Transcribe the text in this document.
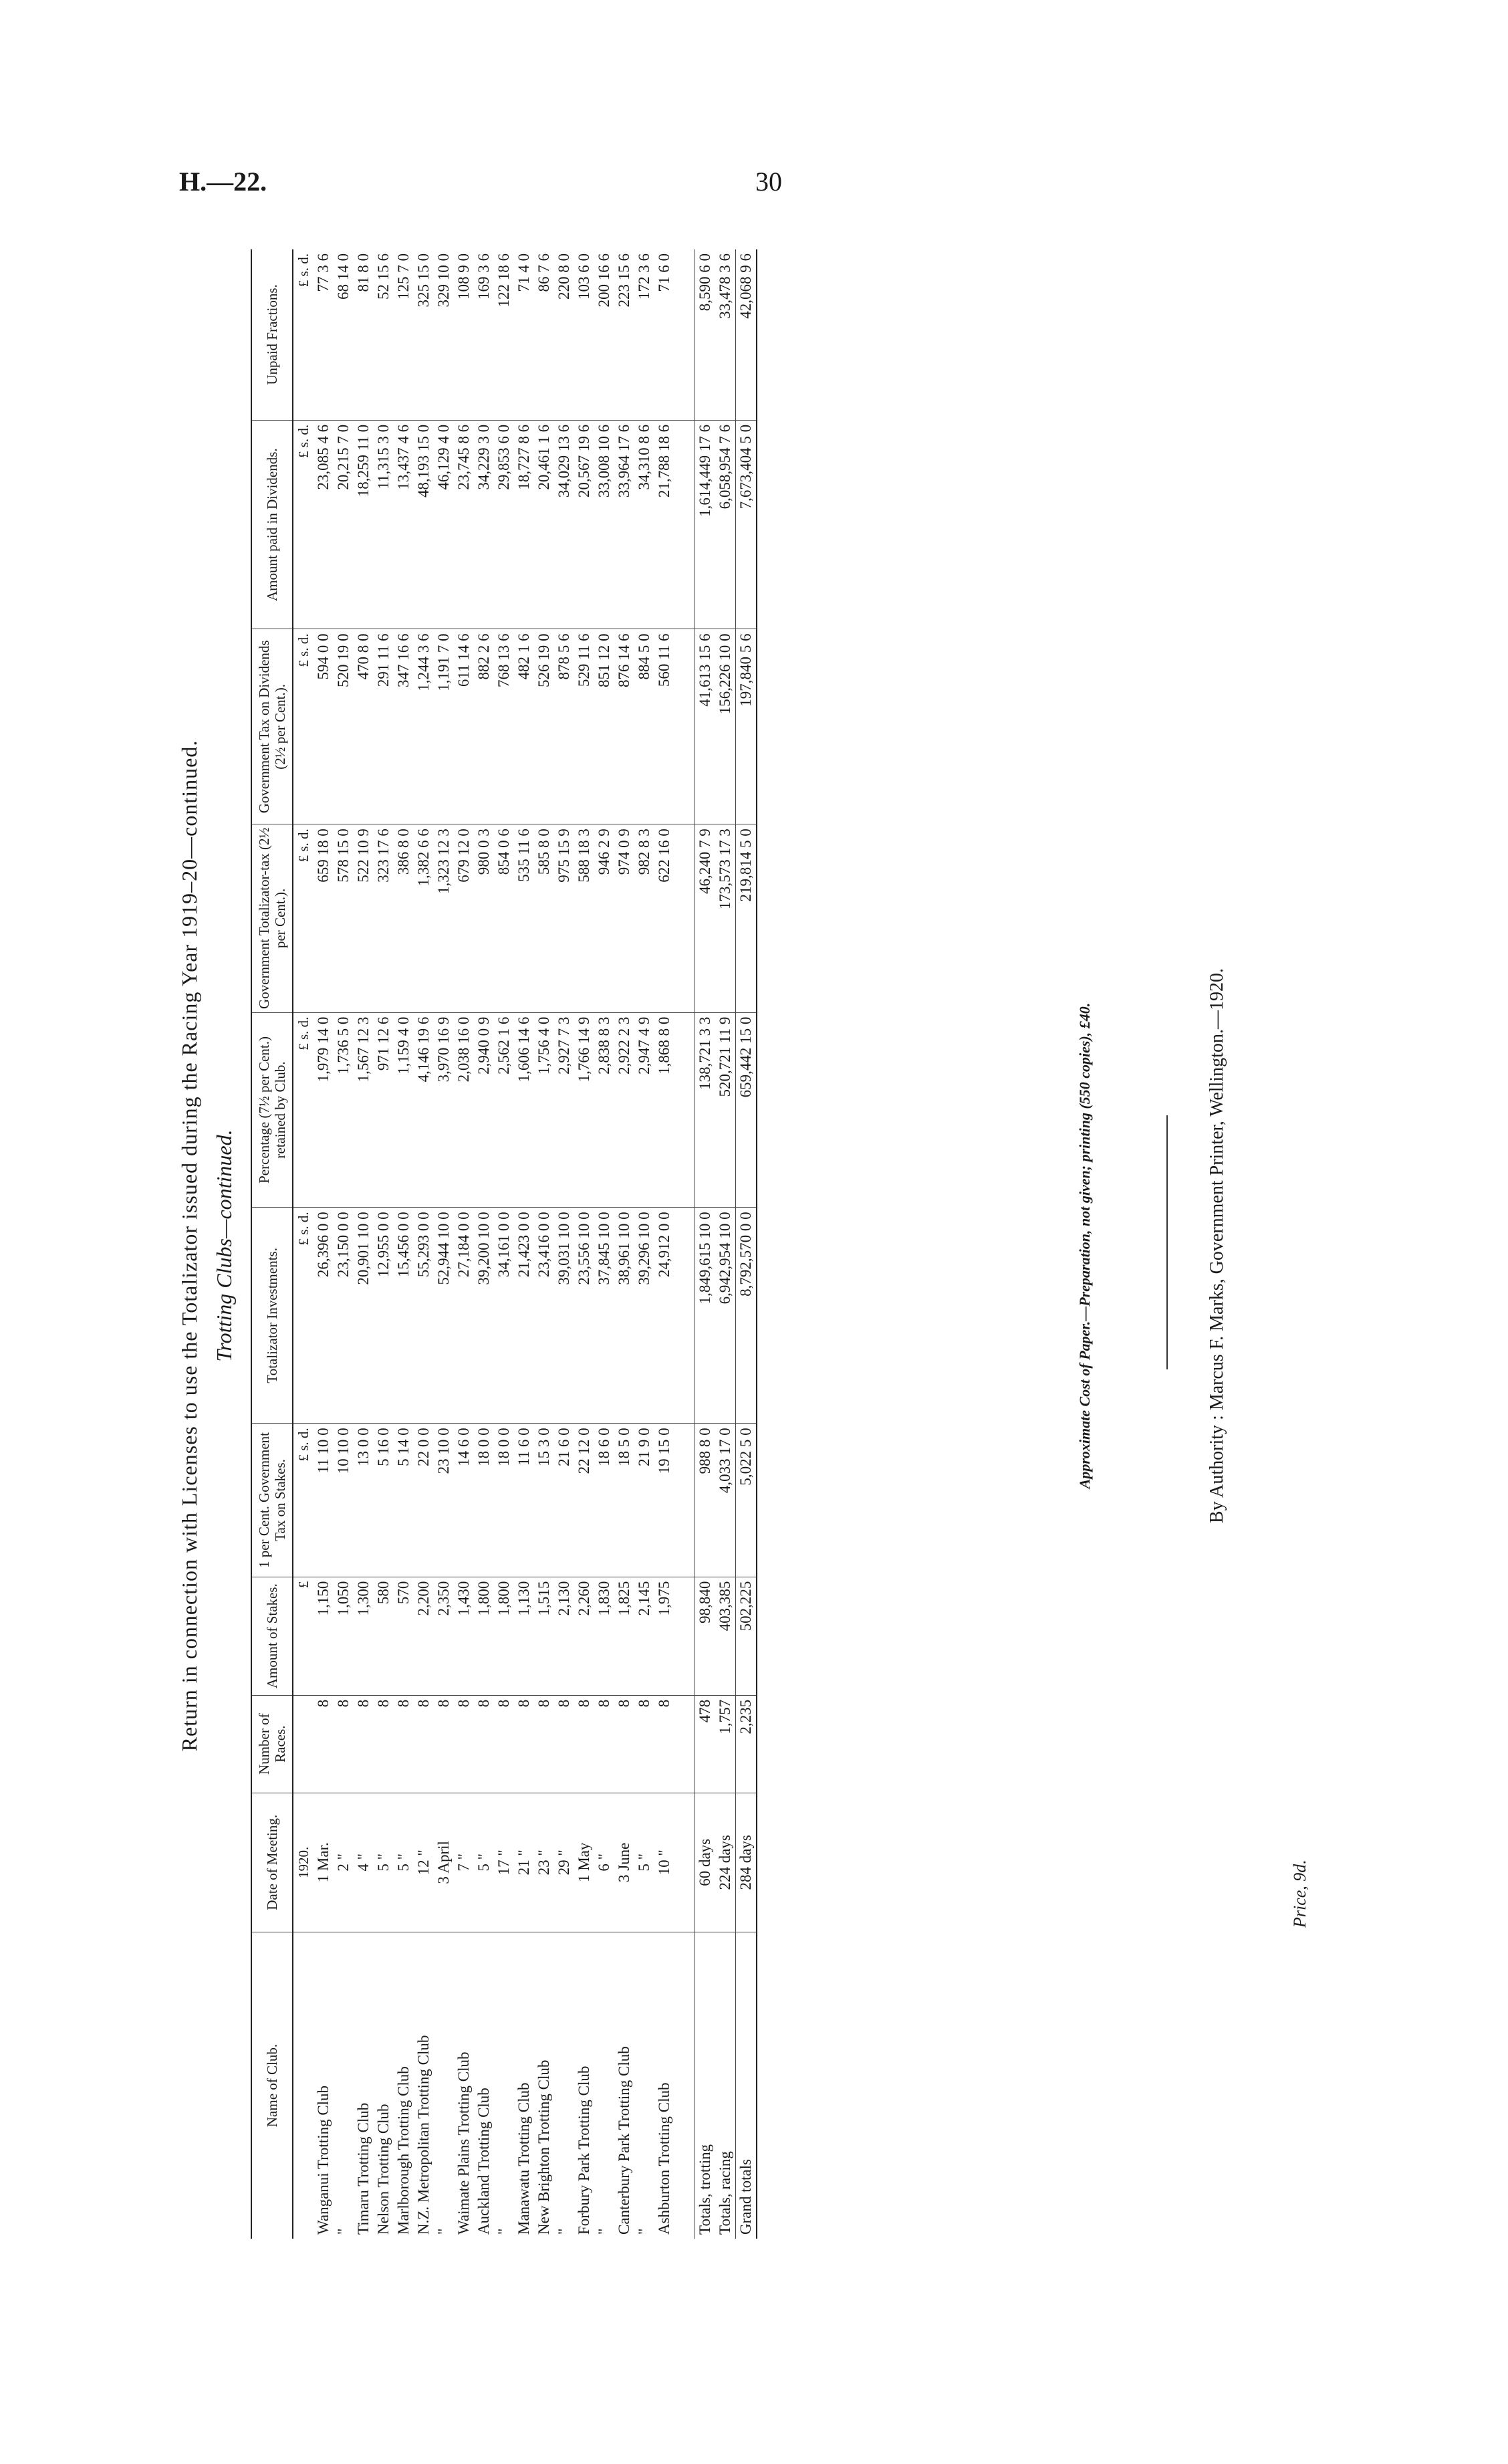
H.—22.	30
Return in connection with Licenses to use the Totalizator issued during the Racing Year 1919–20—continued. Trotting Clubs—continued.
Name of Club.	Date of Meeting.	Number of Races.	Amount of Stakes.	1 per Cent. Government Tax on Stakes.	Totalizator Investments.	Percentage (7½ per Cent.) retained by Club.	Government Totalizator-tax (2½ per Cent.).	Government Tax on Dividends (2½ per Cent.).	Amount paid in Dividends.	Unpaid Fractions.
	1920.		£	£ s. d.	£ s. d.	£ s. d.	£ s. d.	£ s. d.	£ s. d.	£ s. d.
Wanganui Trotting Club	1 Mar.	8	1,150	11 10 0	26,396 0 0	1,979 14 0	659 18 0	594 0 0	23,085 4 6	77 3 6
"	2 "	8	1,050	10 10 0	23,150 0 0	1,736 5 0	578 15 0	520 19 0	20,215 7 0	68 14 0
Timaru Trotting Club	4 "	8	1,300	13 0 0	20,901 10 0	1,567 12 3	522 10 9	470 8 0	18,259 11 0	81 8 0
Nelson Trotting Club	5 "	8	580	5 16 0	12,955 0 0	971 12 6	323 17 6	291 11 6	11,315 3 0	52 15 6
Marlborough Trotting Club	5 "	8	570	5 14 0	15,456 0 0	1,159 4 0	386 8 0	347 16 6	13,437 4 6	125 7 0
N.Z. Metropolitan Trotting Club	12 "	8	2,200	22 0 0	55,293 0 0	4,146 19 6	1,382 6 6	1,244 3 6	48,193 15 0	325 15 0
"	3 April	8	2,350	23 10 0	52,944 10 0	3,970 16 9	1,323 12 3	1,191 7 0	46,129 4 0	329 10 0
Waimate Plains Trotting Club	7 "	8	1,430	14 6 0	27,184 0 0	2,038 16 0	679 12 0	611 14 6	23,745 8 6	108 9 0
Auckland Trotting Club	5 "	8	1,800	18 0 0	39,200 10 0	2,940 0 9	980 0 3	882 2 6	34,229 3 0	169 3 6
"	17 "	8	1,800	18 0 0	34,161 0 0	2,562 1 6	854 0 6	768 13 6	29,853 6 0	122 18 6
Manawatu Trotting Club	21 "	8	1,130	11 6 0	21,423 0 0	1,606 14 6	535 11 6	482 1 6	18,727 8 6	71 4 0
New Brighton Trotting Club	23 "	8	1,515	15 3 0	23,416 0 0	1,756 4 0	585 8 0	526 19 0	20,461 1 6	86 7 6
"	29 "	8	2,130	21 6 0	39,031 10 0	2,927 7 3	975 15 9	878 5 6	34,029 13 6	220 8 0
Forbury Park Trotting Club	1 May	8	2,260	22 12 0	23,556 10 0	1,766 14 9	588 18 3	529 11 6	20,567 19 6	103 6 0
"	6 "	8	1,830	18 6 0	37,845 10 0	2,838 8 3	946 2 9	851 12 0	33,008 10 6	200 16 6
Canterbury Park Trotting Club	3 June	8	1,825	18 5 0	38,961 10 0	2,922 2 3	974 0 9	876 14 6	33,964 17 6	223 15 6
"	5 "	8	2,145	21 9 0	39,296 10 0	2,947 4 9	982 8 3	884 5 0	34,310 8 6	172 3 6
Ashburton Trotting Club	10 "	8	1,975	19 15 0	24,912 0 0	1,868 8 0	622 16 0	560 11 6	21,788 18 6	71 6 0

Totals, trotting	60 days	478	98,840	988 8 0	1,849,615 10 0	138,721 3 3	46,240 7 9	41,613 15 6	1,614,449 17 6	8,590 6 0
Totals, racing	224 days	1,757	403,385	4,033 17 0	6,942,954 10 0	520,721 11 9	173,573 17 3	156,226 10 0	6,058,954 7 6	33,478 3 6
Grand totals	284 days	2,235	502,225	5,022 5 0	8,792,570 0 0	659,442 15 0	219,814 5 0	197,840 5 6	7,673,404 5 0	42,068 9 6
Approximate Cost of Paper.—Preparation, not given; printing (550 copies), £40.	By Authority : Marcus F. Marks, Government Printer, Wellington.—1920.
Price, 9d.
